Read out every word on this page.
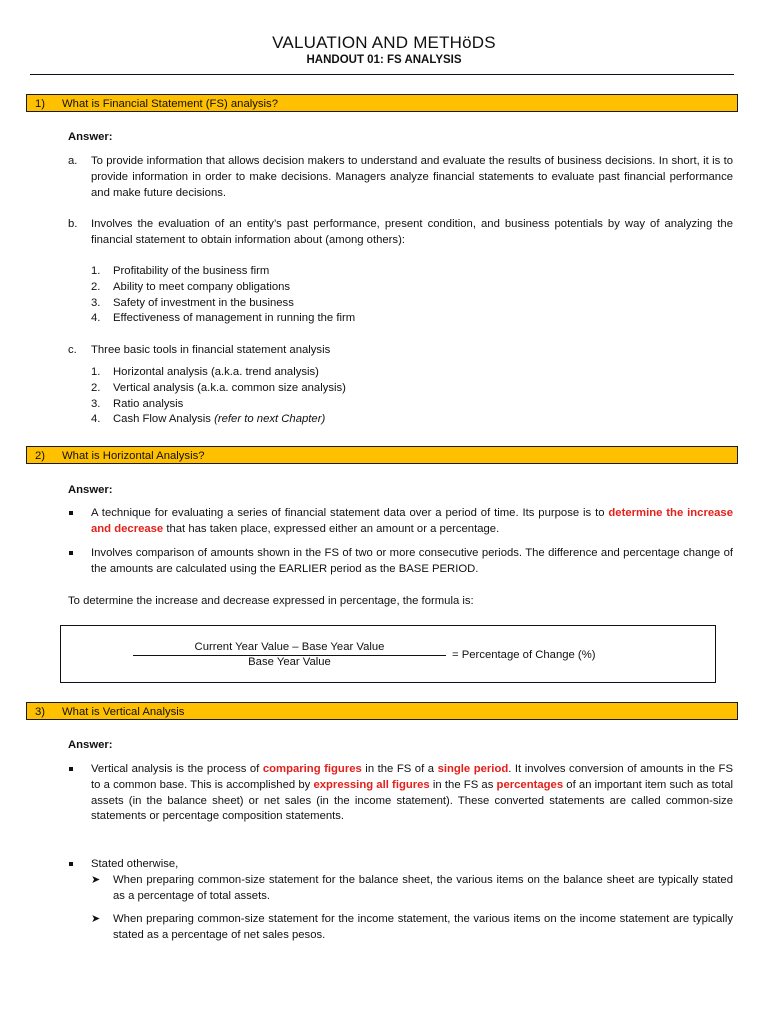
VALUATION AND METHöDS
HANDOUT 01: FS ANALYSIS
1) What is Financial Statement (FS) analysis?
Answer:
a. To provide information that allows decision makers to understand and evaluate the results of business decisions. In short, it is to provide information in order to make decisions. Managers analyze financial statements to evaluate past financial performance and make future decisions.
b. Involves the evaluation of an entity’s past performance, present condition, and business potentials by way of analyzing the financial statement to obtain information about (among others):
1. Profitability of the business firm
2. Ability to meet company obligations
3. Safety of investment in the business
4. Effectiveness of management in running the firm
c. Three basic tools in financial statement analysis
1. Horizontal analysis (a.k.a. trend analysis)
2. Vertical analysis (a.k.a. common size analysis)
3. Ratio analysis
4. Cash Flow Analysis (refer to next Chapter)
2) What is Horizontal Analysis?
Answer:
A technique for evaluating a series of financial statement data over a period of time. Its purpose is to determine the increase and decrease that has taken place, expressed either an amount or a percentage.
Involves comparison of amounts shown in the FS of two or more consecutive periods. The difference and percentage change of the amounts are calculated using the EARLIER period as the BASE PERIOD.
To determine the increase and decrease expressed in percentage, the formula is:
Current Year Value – Base Year Value
Base Year Value
= Percentage of Change (%)
3) What is Vertical Analysis
Answer:
Vertical analysis is the process of comparing figures in the FS of a single period. It involves conversion of amounts in the FS to a common base. This is accomplished by expressing all figures in the FS as percentages of an important item such as total assets (in the balance sheet) or net sales (in the income statement). These converted statements are called common-size statements or percentage composition statements.
Stated otherwise,
➤ When preparing common-size statement for the balance sheet, the various items on the balance sheet are typically stated as a percentage of total assets.
➤ When preparing common-size statement for the income statement, the various items on the income statement are typically stated as a percentage of net sales pesos.
